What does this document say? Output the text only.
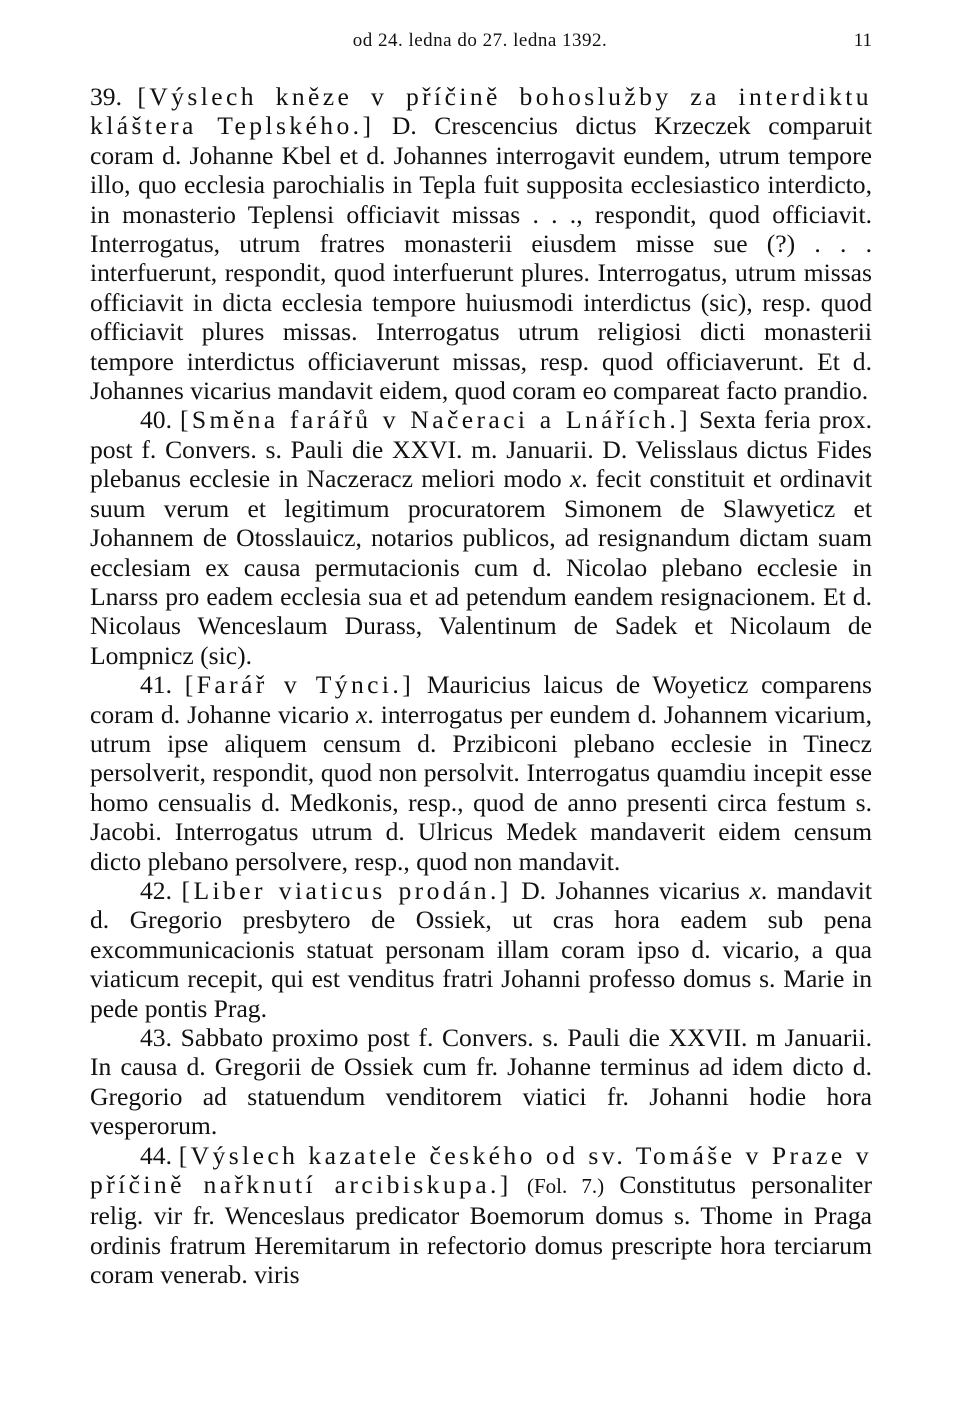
od 24. ledna do 27. ledna 1392.	11

39. [Výslech kněze v příčině bohoslužby za interdiktu kláštera Teplského.] D. Crescencius dictus Krzeczek comparuit coram d. Johanne Kbel et d. Johannes interrogavit eundem, utrum tempore illo, quo ecclesia parochialis in Tepla fuit supposita ecclesiastico interdicto, in monasterio Teplensi officiavit missas . . ., respondit, quod officiavit. Interrogatus, utrum fratres monasterii eiusdem misse sue (?) . . . interfuerunt, respondit, quod interfuerunt plures. Interrogatus, utrum missas officiavit in dicta ecclesia tempore huiusmodi interdictus (sic), resp. quod officiavit plures missas. Interrogatus utrum religiosi dicti monasterii tempore interdictus officiaverunt missas, resp. quod officiaverunt. Et d. Johannes vicarius mandavit eidem, quod coram eo compareat facto prandio.

40. [Směna farářů v Načeraci a Lnářích.] Sexta feria prox. post f. Convers. s. Pauli die XXVI. m. Januarii. D. Velisslaus dictus Fides plebanus ecclesie in Naczeracz meliori modo x. fecit constituit et ordinavit suum verum et legitimum procuratorem Simonem de Slawyeticz et Johannem de Otosslauicz, notarios publicos, ad resignandum dictam suam ecclesiam ex causa permutacionis cum d. Nicolao plebano ecclesie in Lnarss pro eadem ecclesia sua et ad petendum eandem resignacionem. Et d. Nicolaus Wenceslaum Durass, Valentinum de Sadek et Nicolaum de Lompnicz (sic).

41. [Farář v Týnci.] Mauricius laicus de Woyeticz comparens coram d. Johanne vicario x. interrogatus per eundem d. Johannem vicarium, utrum ipse aliquem censum d. Przibiconi plebano ecclesie in Tinecz persolverit, respondit, quod non persolvit. Interrogatus quamdiu incepit esse homo censualis d. Medkonis, resp., quod de anno presenti circa festum s. Jacobi. Interrogatus utrum d. Ulricus Medek mandaverit eidem censum dicto plebano persolvere, resp., quod non mandavit.

42. [Liber viaticus prodán.] D. Johannes vicarius x. mandavit d. Gregorio presbytero de Ossiek, ut cras hora eadem sub pena excommunicacionis statuat personam illam coram ipso d. vicario, a qua viaticum recepit, qui est venditus fratri Johanni professo domus s. Marie in pede pontis Prag.

43. Sabbato proximo post f. Convers. s. Pauli die XXVII. m Januarii. In causa d. Gregorii de Ossiek cum fr. Johanne terminus ad idem dicto d. Gregorio ad statuendum venditorem viatici fr. Johanni hodie hora vesperorum.

44. [Výslech kazatele českého od sv. Tomáše v Praze v příčině nařknutí arcibiskupa.] (Fol. 7.) Constitutus personaliter relig. vir fr. Wenceslaus predicator Boemorum domus s. Thome in Praga ordinis fratrum Heremitarum in refectorio domus prescripte hora terciarum coram venerab. viris
